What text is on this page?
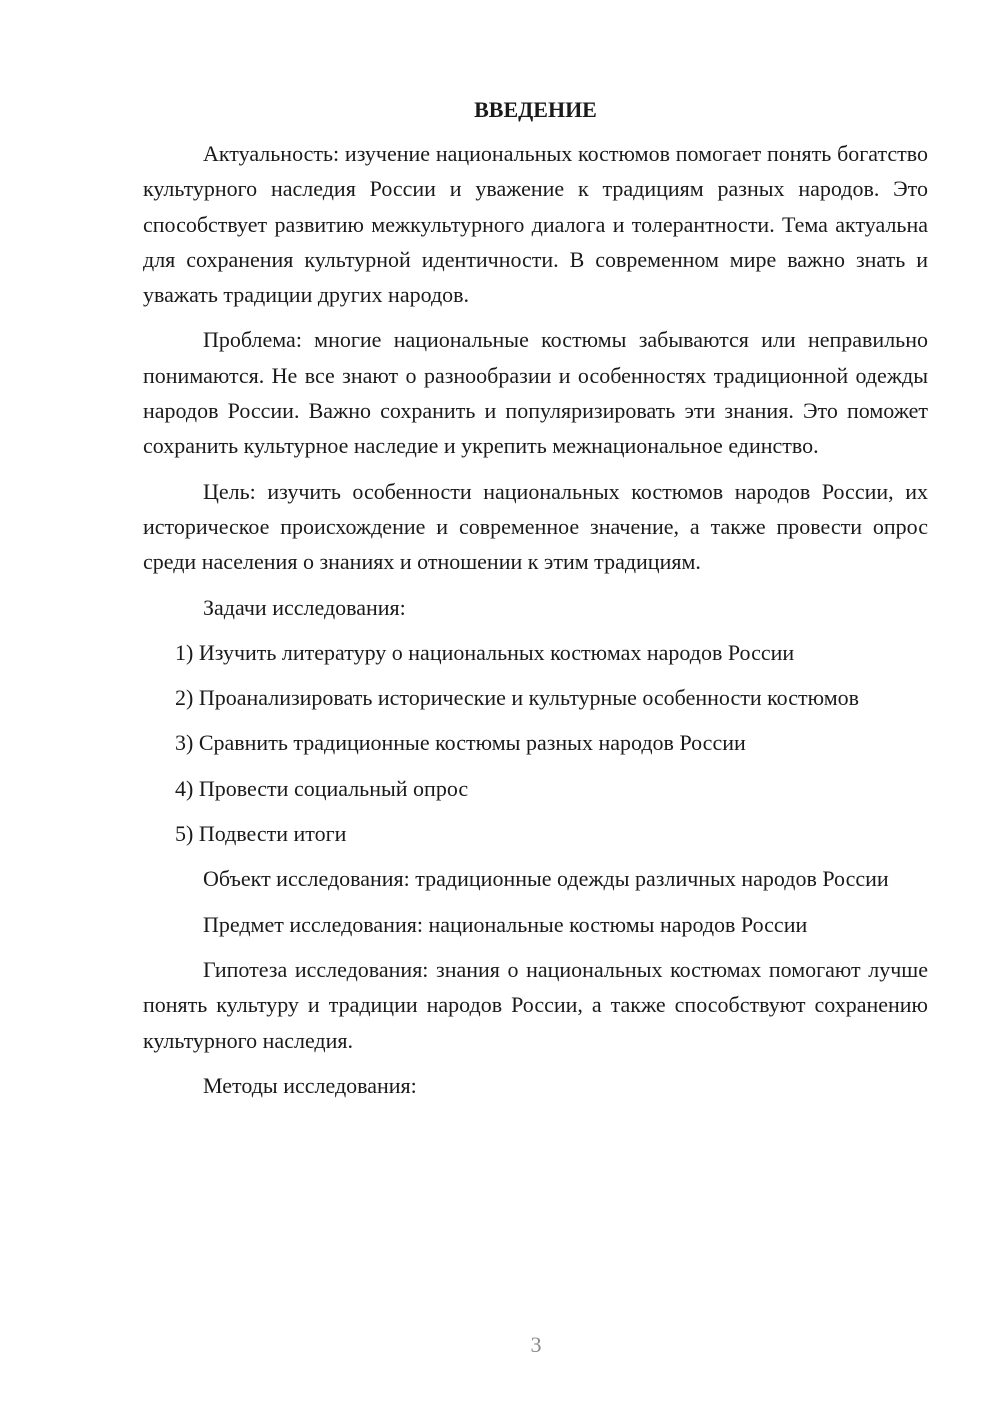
ВВЕДЕНИЕ

Актуальность: изучение национальных костюмов помогает понять богатство культурного наследия России и уважение к традициям разных народов. Это способствует развитию межкультурного диалога и толерантности. Тема актуальна для сохранения культурной идентичности. В современном мире важно знать и уважать традиции других народов.

Проблема: многие национальные костюмы забываются или неправильно понимаются. Не все знают о разнообразии и особенностях традиционной одежды народов России. Важно сохранить и популяризировать эти знания. Это поможет сохранить культурное наследие и укрепить межнациональное единство.

Цель: изучить особенности национальных костюмов народов России, их историческое происхождение и современное значение, а также провести опрос среди населения о знаниях и отношении к этим традициям.

Задачи исследования:

1) Изучить литературу о национальных костюмах народов России

2) Проанализировать исторические и культурные особенности костюмов

3) Сравнить традиционные костюмы разных народов России

4) Провести социальный опрос

5) Подвести итоги

Объект исследования: традиционные одежды различных народов России

Предмет исследования: национальные костюмы народов России

Гипотеза исследования: знания о национальных костюмах помогают лучше понять культуру и традиции народов России, а также способствуют сохранению культурного наследия.

Методы исследования:

3
